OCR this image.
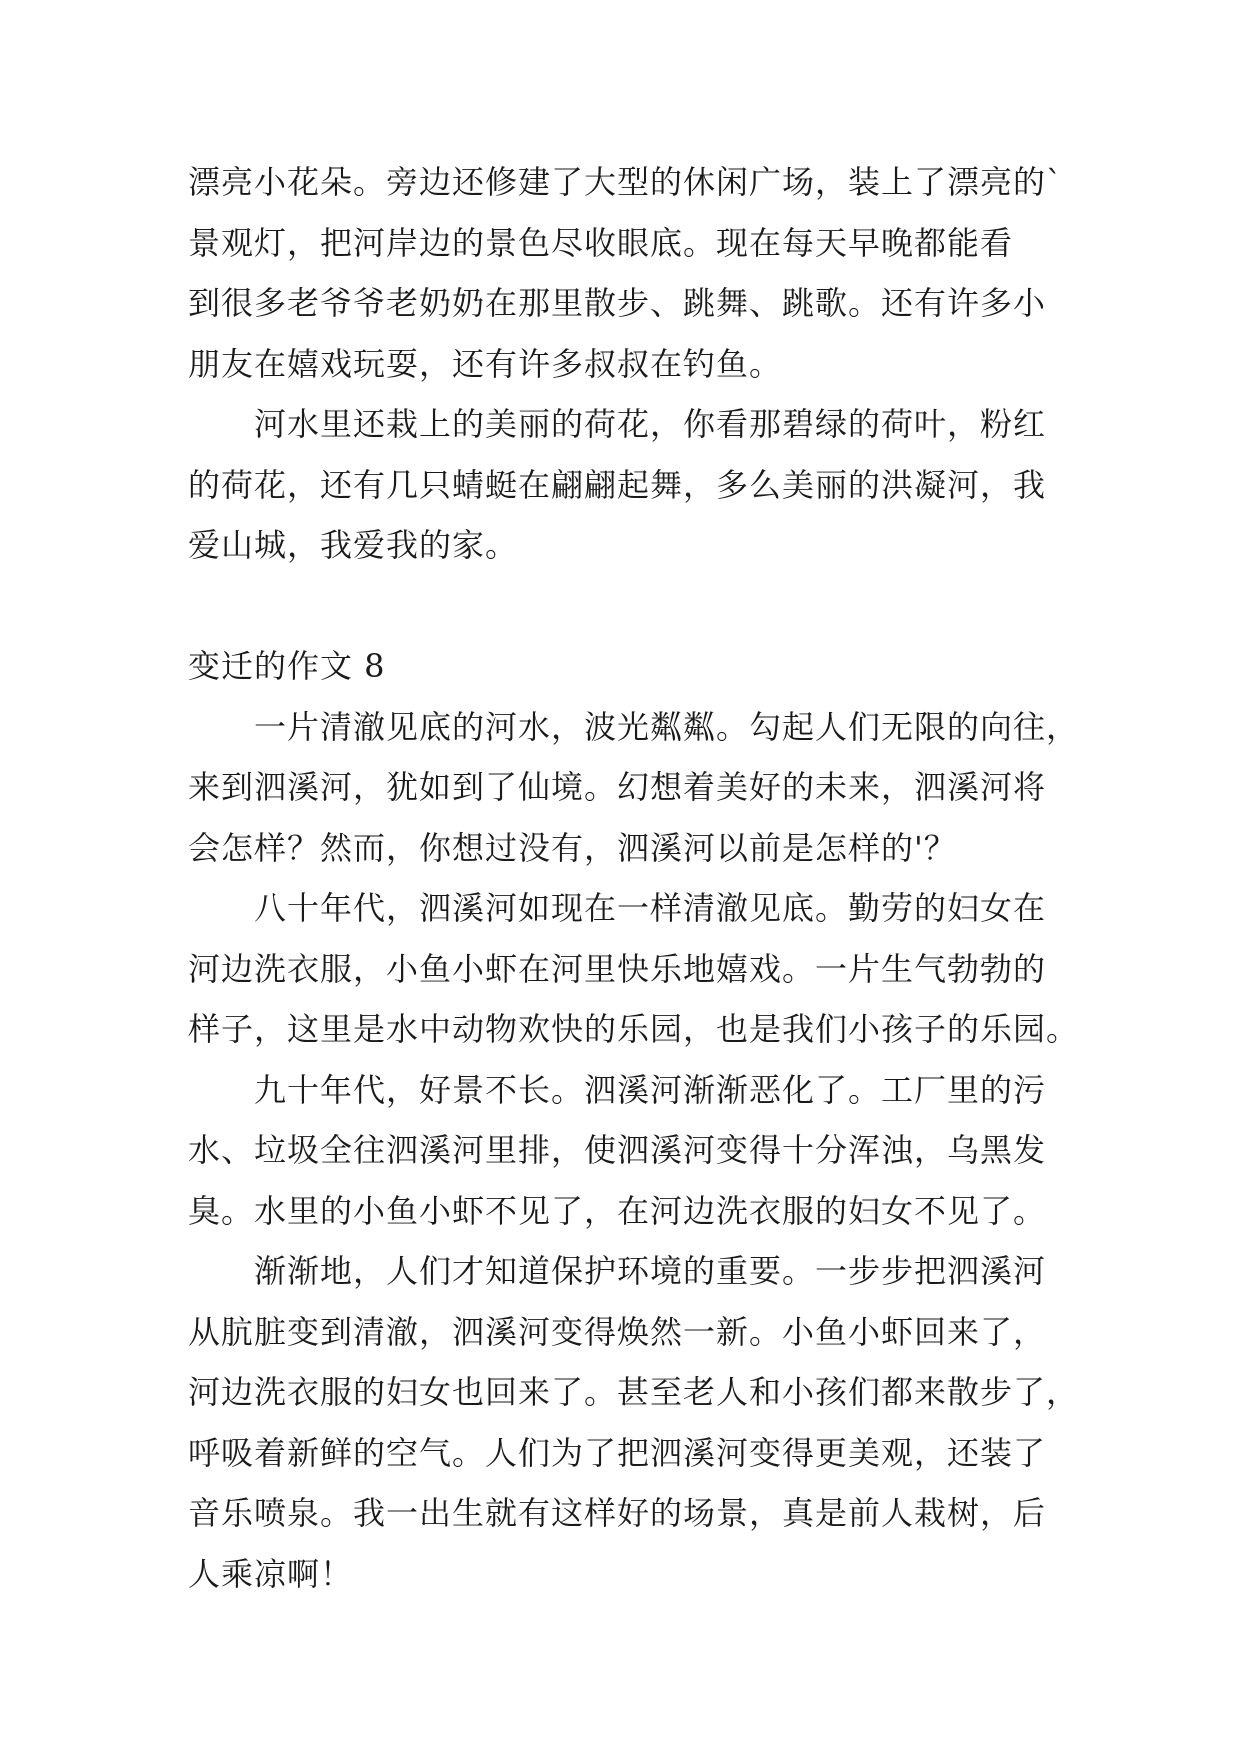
漂亮小花朵。旁边还修建了大型的休闲广场，装上了漂亮的`
景观灯，把河岸边的景色尽收眼底。现在每天早晚都能看
到很多老爷爷老奶奶在那里散步、跳舞、跳歌。还有许多小
朋友在嬉戏玩耍，还有许多叔叔在钓鱼。
河水里还栽上的美丽的荷花，你看那碧绿的荷叶，粉红
的荷花，还有几只蜻蜓在翩翩起舞，多么美丽的洪凝河，我
爱山城，我爱我的家。
变迁的作文 8
一片清澈见底的河水，波光粼粼。勾起人们无限的向往，
来到泗溪河，犹如到了仙境。幻想着美好的未来，泗溪河将
会怎样？然而，你想过没有，泗溪河以前是怎样的'？
八十年代，泗溪河如现在一样清澈见底。勤劳的妇女在
河边洗衣服，小鱼小虾在河里快乐地嬉戏。一片生气勃勃的
样子，这里是水中动物欢快的乐园，也是我们小孩子的乐园。
九十年代，好景不长。泗溪河渐渐恶化了。工厂里的污
水、垃圾全往泗溪河里排，使泗溪河变得十分浑浊，乌黑发
臭。水里的小鱼小虾不见了，在河边洗衣服的妇女不见了。
渐渐地，人们才知道保护环境的重要。一步步把泗溪河
从肮脏变到清澈，泗溪河变得焕然一新。小鱼小虾回来了，
河边洗衣服的妇女也回来了。甚至老人和小孩们都来散步了，
呼吸着新鲜的空气。人们为了把泗溪河变得更美观，还装了
音乐喷泉。我一出生就有这样好的场景，真是前人栽树，后
人乘凉啊！
